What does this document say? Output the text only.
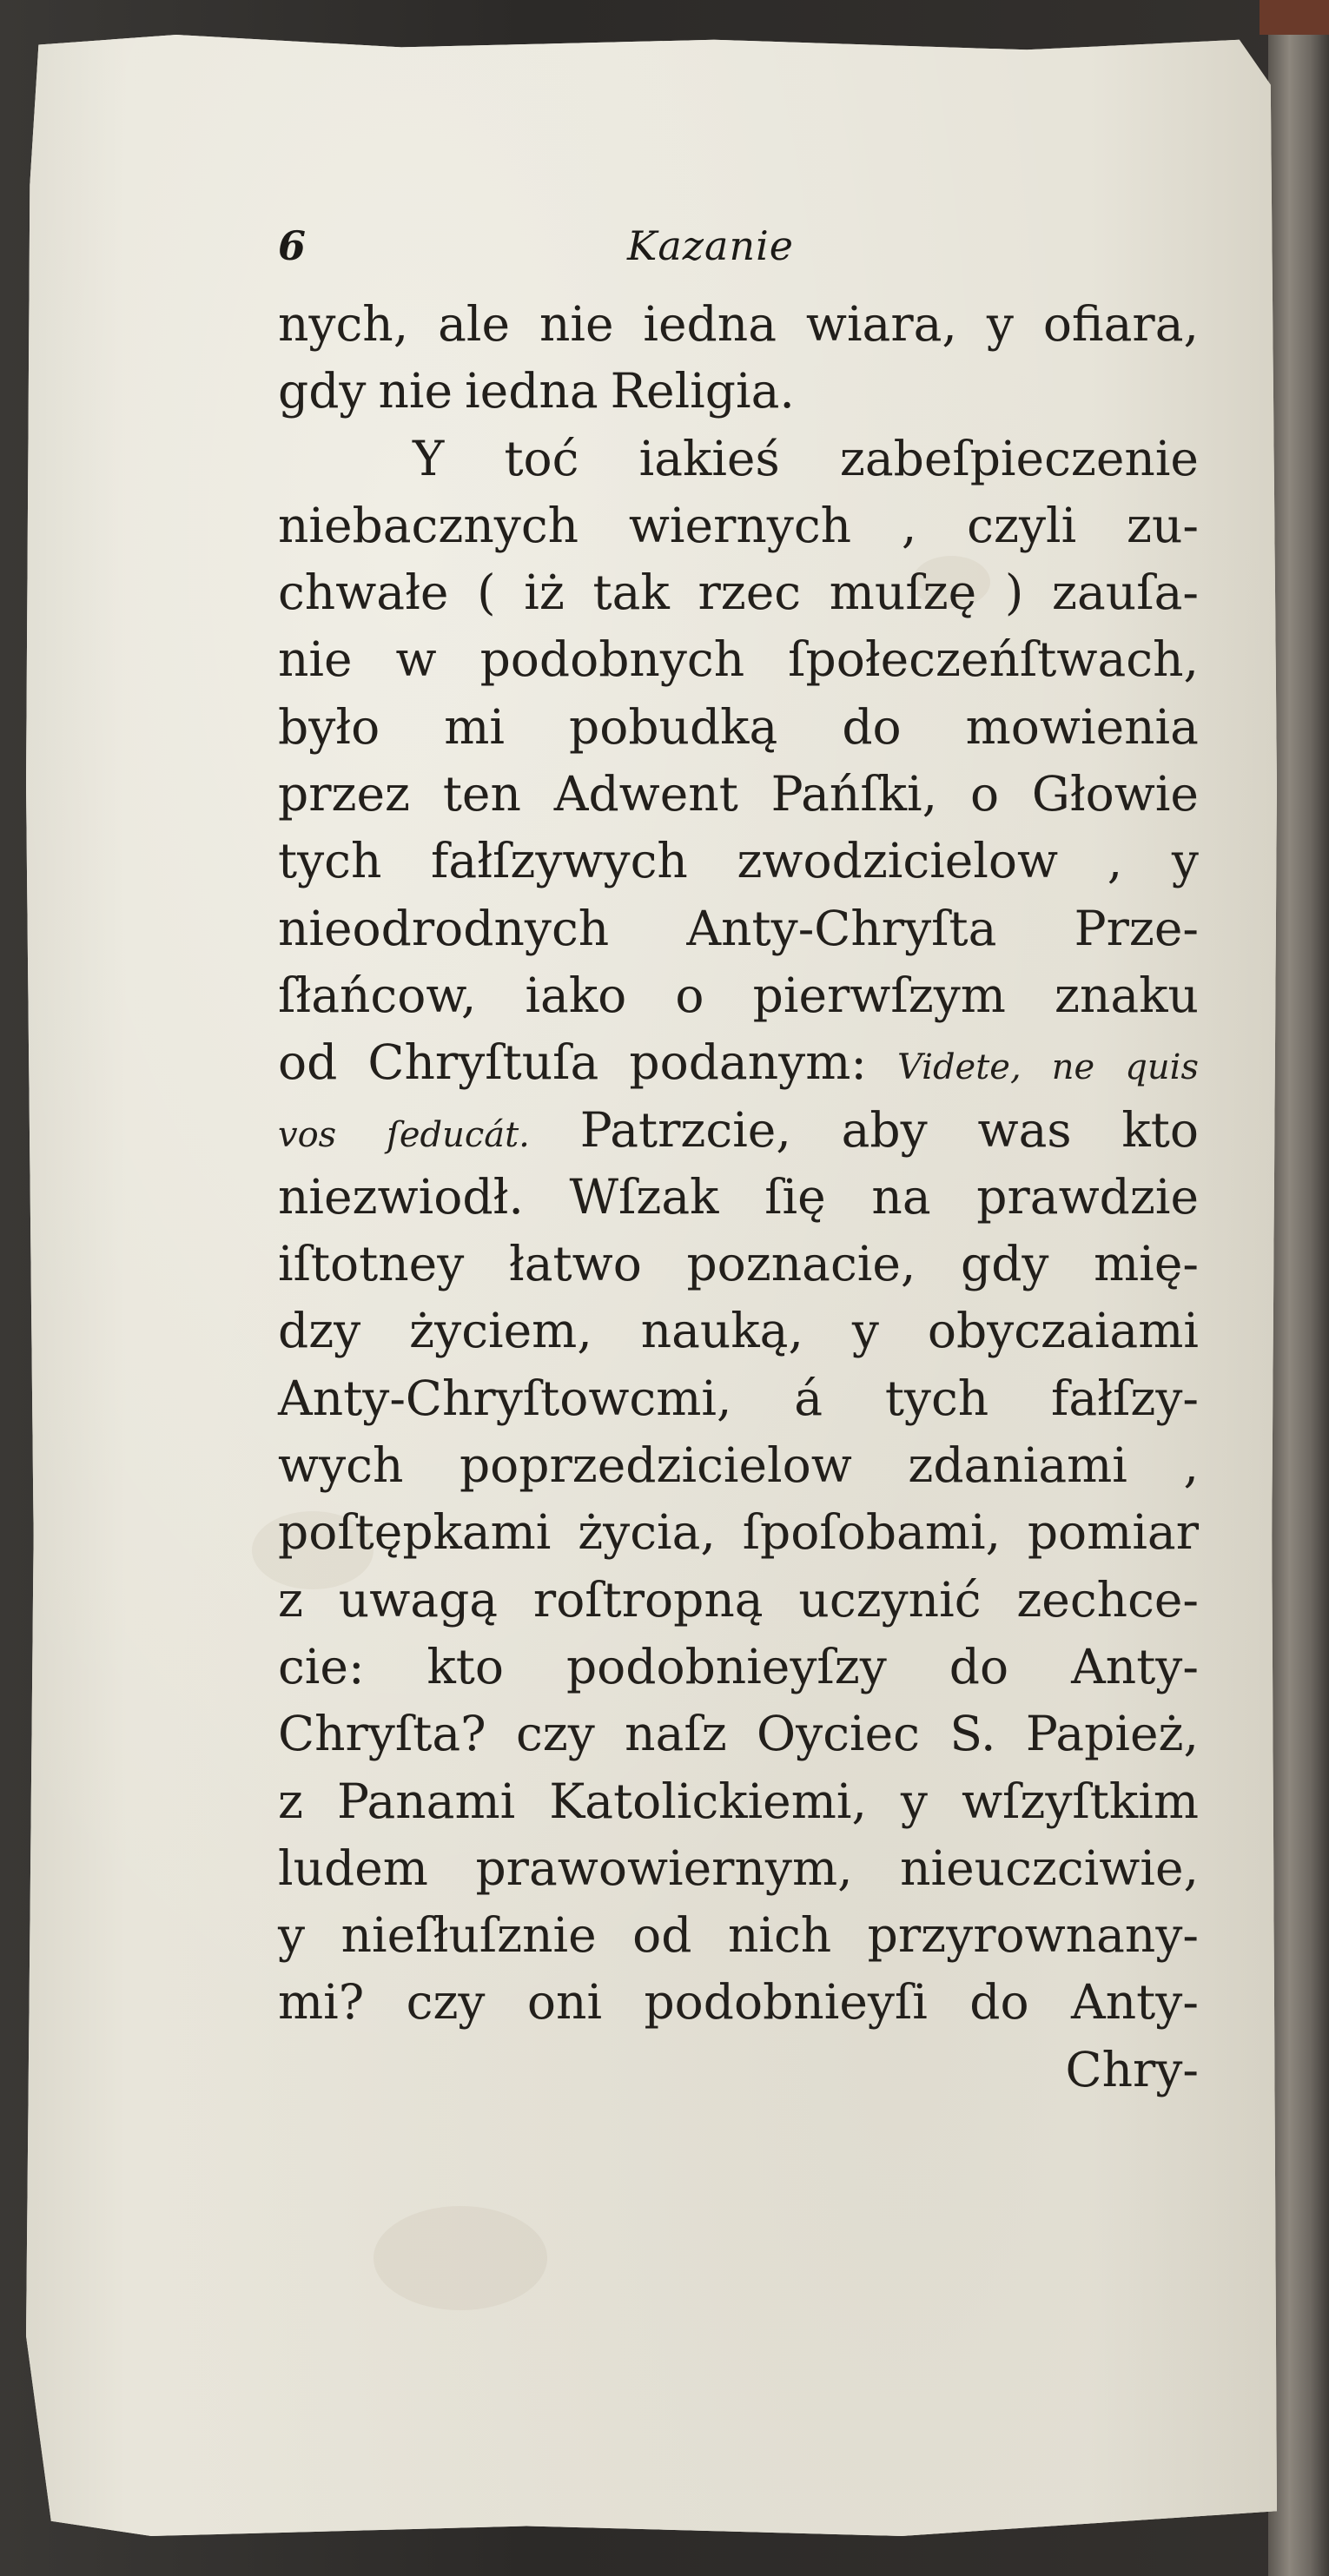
6	Kazanie
nych, ale nie iedna wiara, y ofiara,
gdy nie iedna Religia.
Y toć iakieś zabeſpieczenie
niebacznych wiernych , czyli zu-
chwałe ( iż tak rzec muſzę ) zauſa-
nie w podobnych ſpołeczeńſtwach,
było mi pobudką do mowienia
przez ten Adwent Pańſki, o Głowie
tych fałſzywych zwodzicielow , y
nieodrodnych Anty-Chryſta Prze-
ſłańcow, iako o pierwſzym znaku
od Chryſtuſa podanym: Videte, ne quis
vos ſeducát. Patrzcie, aby was kto
niezwiodł. Wſzak ſię na prawdzie
iſtotney łatwo poznacie, gdy mię-
dzy życiem, nauką, y obyczaiami
Anty-Chryſtowcmi, á tych fałſzy-
wych poprzedzicielow zdaniami ,
poſtępkami życia, ſpoſobami, pomiar
z uwagą roſtropną uczynić zechce-
cie: kto podobnieyſzy do Anty-
Chryſta? czy naſz Oyciec S. Papież,
z Panami Katolickiemi, y wſzyſtkim
ludem prawowiernym, nieuczciwie,
y nieſłuſznie od nich przyrownany-
mi? czy oni podobnieyſi do Anty-
Chry-
